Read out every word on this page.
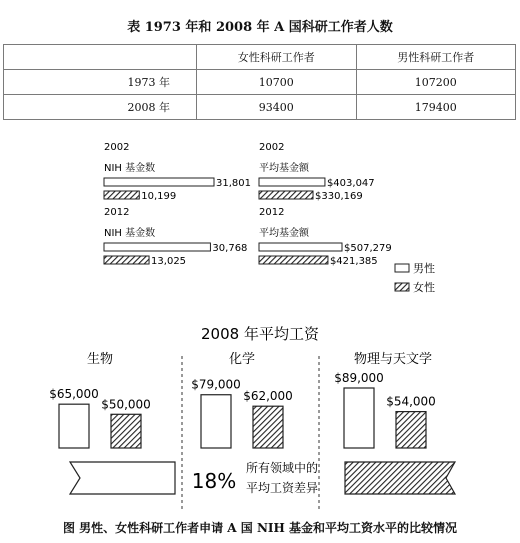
表 1973 年和 2008 年 A 国科研工作者人数
	女性科研工作者	男性科研工作者
1973 年	10700	107200
2008 年	93400	179400
2002
NIH 基金数
31,801
10,199
2002
平均基金额
$403,047
$330,169
2012
NIH 基金数
30,768
13,025
2012
平均基金额
$507,279
$421,385
男性
女性
2008 年平均工资
生物
$65,000
$50,000
化学
$79,000
$62,000
物理与天文学
$89,000
$54,000
18%
所有领域中的
平均工资差异
图 男性、女性科研工作者申请 A 国 NIH 基金和平均工资水平的比较情况
